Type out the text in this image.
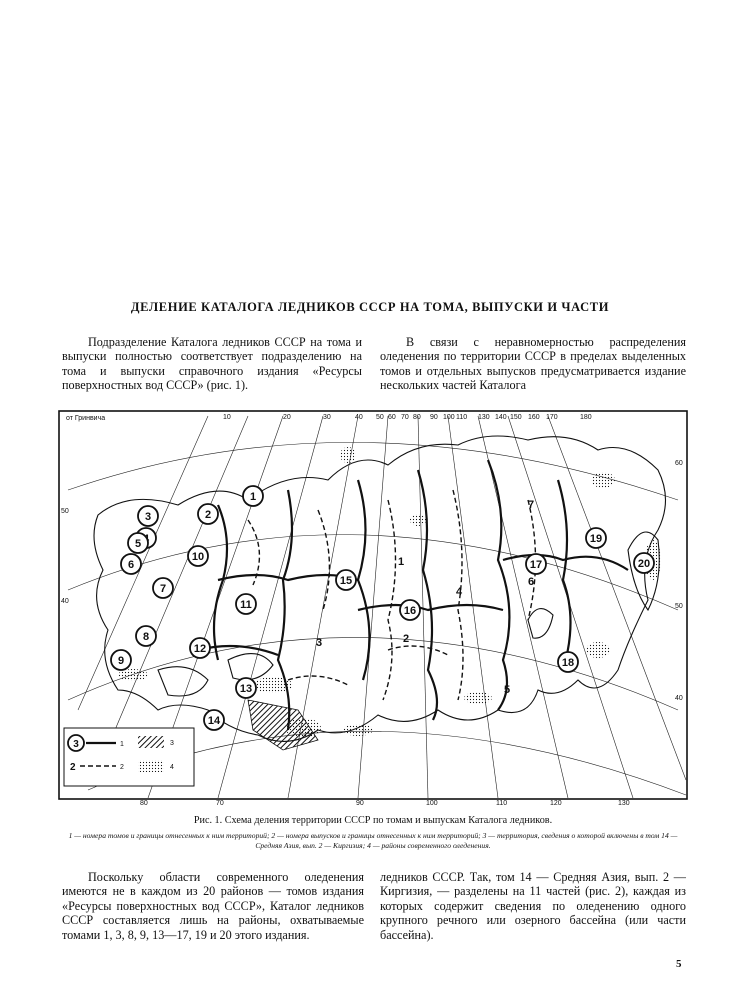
ДЕЛЕНИЕ КАТАЛОГА ЛЕДНИКОВ СССР НА ТОМА, ВЫПУСКИ И ЧАСТИ

Подразделение Каталога ледников СССР на тома и выпуски полностью соответствует подразделению на тома и выпуски справочного издания «Ресурсы поверхностных вод СССР» (рис. 1).

В связи с неравномерностью распределения оледенения по территории СССР в пределах выделенных томов и отдельных выпусков предусматривается издание нескольких частей Каталога

3	1
2	2
3
4
от Гринвича	10	20	30	40 50 60 70 80 90 100 110 130 140 150 160 170	180
80	70	90	100	110	120	130
50
40
60
50
40
1
2
3
5
6
7
8
9
10
11
12
13
14
15
16
17
18
19
20
1
2
3
4
5
6
7
Рис. 1. Схема деления территории СССР по томам и выпускам Каталога ледников.
1 — номера томов и границы отнесенных к ним территорий; 2 — номера выпусков и границы отнесенных к ним территорий; 3 — территория, сведения о которой включены в том 14 — Средняя Азия, вып. 2 — Киргизия; 4 — районы современного оледенения.

Поскольку области современного оледенения имеются не в каждом из 20 районов — томов издания «Ресурсы поверхностных вод СССР», Каталог ледников СССР составляется лишь на районы, охватываемые томами 1, 3, 8, 9, 13—17, 19 и 20 этого издания.

ледников СССР. Так, том 14 — Средняя Азия, вып. 2 — Киргизия, — разделены на 11 частей (рис. 2), каждая из которых содержит сведения по оледенению одного крупного речного или озерного бассейна (или части бассейна).

5
